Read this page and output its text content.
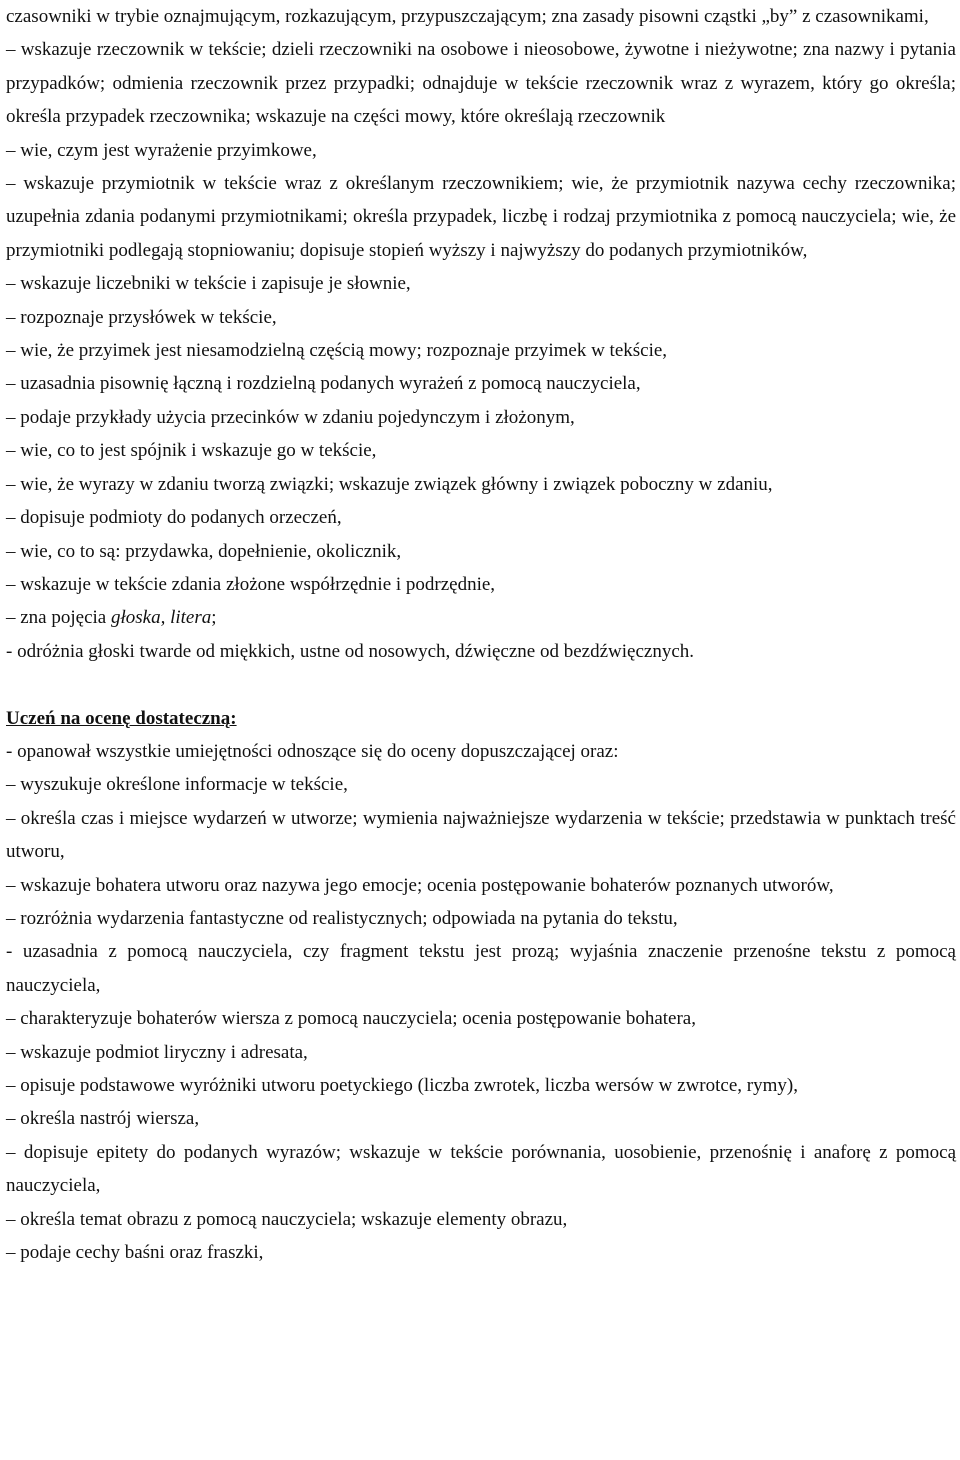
czasowniki w trybie oznajmującym, rozkazującym, przypuszczającym; zna zasady pisowni cząstki „by” z czasownikami,

– wskazuje rzeczownik w tekście; dzieli rzeczowniki na osobowe i nieosobowe, żywotne i nieżywotne; zna nazwy i pytania przypadków; odmienia rzeczownik przez przypadki; odnajduje w tekście rzeczownik wraz z wyrazem, który go określa; określa przypadek rzeczownika; wskazuje na części mowy, które określają rzeczownik

– wie, czym jest wyrażenie przyimkowe,

– wskazuje przymiotnik w tekście wraz z określanym rzeczownikiem; wie, że przymiotnik nazywa cechy rzeczownika; uzupełnia zdania podanymi przymiotnikami; określa przypadek, liczbę i rodzaj przymiotnika z pomocą nauczyciela; wie, że przymiotniki podlegają stopniowaniu; dopisuje stopień wyższy i najwyższy do podanych przymiotników,

– wskazuje liczebniki w tekście i zapisuje je słownie,

– rozpoznaje przysłówek w tekście,

– wie, że przyimek jest niesamodzielną częścią mowy; rozpoznaje przyimek w tekście,

– uzasadnia pisownię łączną i rozdzielną podanych wyrażeń z pomocą nauczyciela,

– podaje przykłady użycia przecinków w zdaniu pojedynczym i złożonym,

– wie, co to jest spójnik i wskazuje go w tekście,

– wie, że wyrazy w zdaniu tworzą związki; wskazuje związek główny i związek poboczny w zdaniu,

– dopisuje podmioty do podanych orzeczeń,

– wie, co to są: przydawka, dopełnienie, okolicznik,

– wskazuje w tekście zdania złożone współrzędnie i podrzędnie,

– zna pojęcia głoska, litera;

- odróżnia głoski twarde od miękkich, ustne od nosowych, dźwięczne od bezdźwięcznych.

Uczeń na ocenę dostateczną:

- opanował wszystkie umiejętności odnoszące się do oceny dopuszczającej oraz:

– wyszukuje określone informacje w tekście,

– określa czas i miejsce wydarzeń w utworze; wymienia najważniejsze wydarzenia w tekście; przedstawia w punktach treść utworu,

– wskazuje bohatera utworu oraz nazywa jego emocje; ocenia postępowanie bohaterów poznanych utworów,

– rozróżnia wydarzenia fantastyczne od realistycznych; odpowiada na pytania do tekstu,

- uzasadnia z pomocą nauczyciela, czy fragment tekstu jest prozą; wyjaśnia znaczenie przenośne tekstu z pomocą nauczyciela,

– charakteryzuje bohaterów wiersza z pomocą nauczyciela; ocenia postępowanie bohatera,

– wskazuje podmiot liryczny i adresata,

– opisuje podstawowe wyróżniki utworu poetyckiego (liczba zwrotek, liczba wersów w zwrotce, rymy),

– określa nastrój wiersza,

– dopisuje epitety do podanych wyrazów; wskazuje w tekście porównania, uosobienie, przenośnię i anaforę z pomocą nauczyciela,

– określa temat obrazu z pomocą nauczyciela; wskazuje elementy obrazu,

– podaje cechy baśni oraz fraszki,
